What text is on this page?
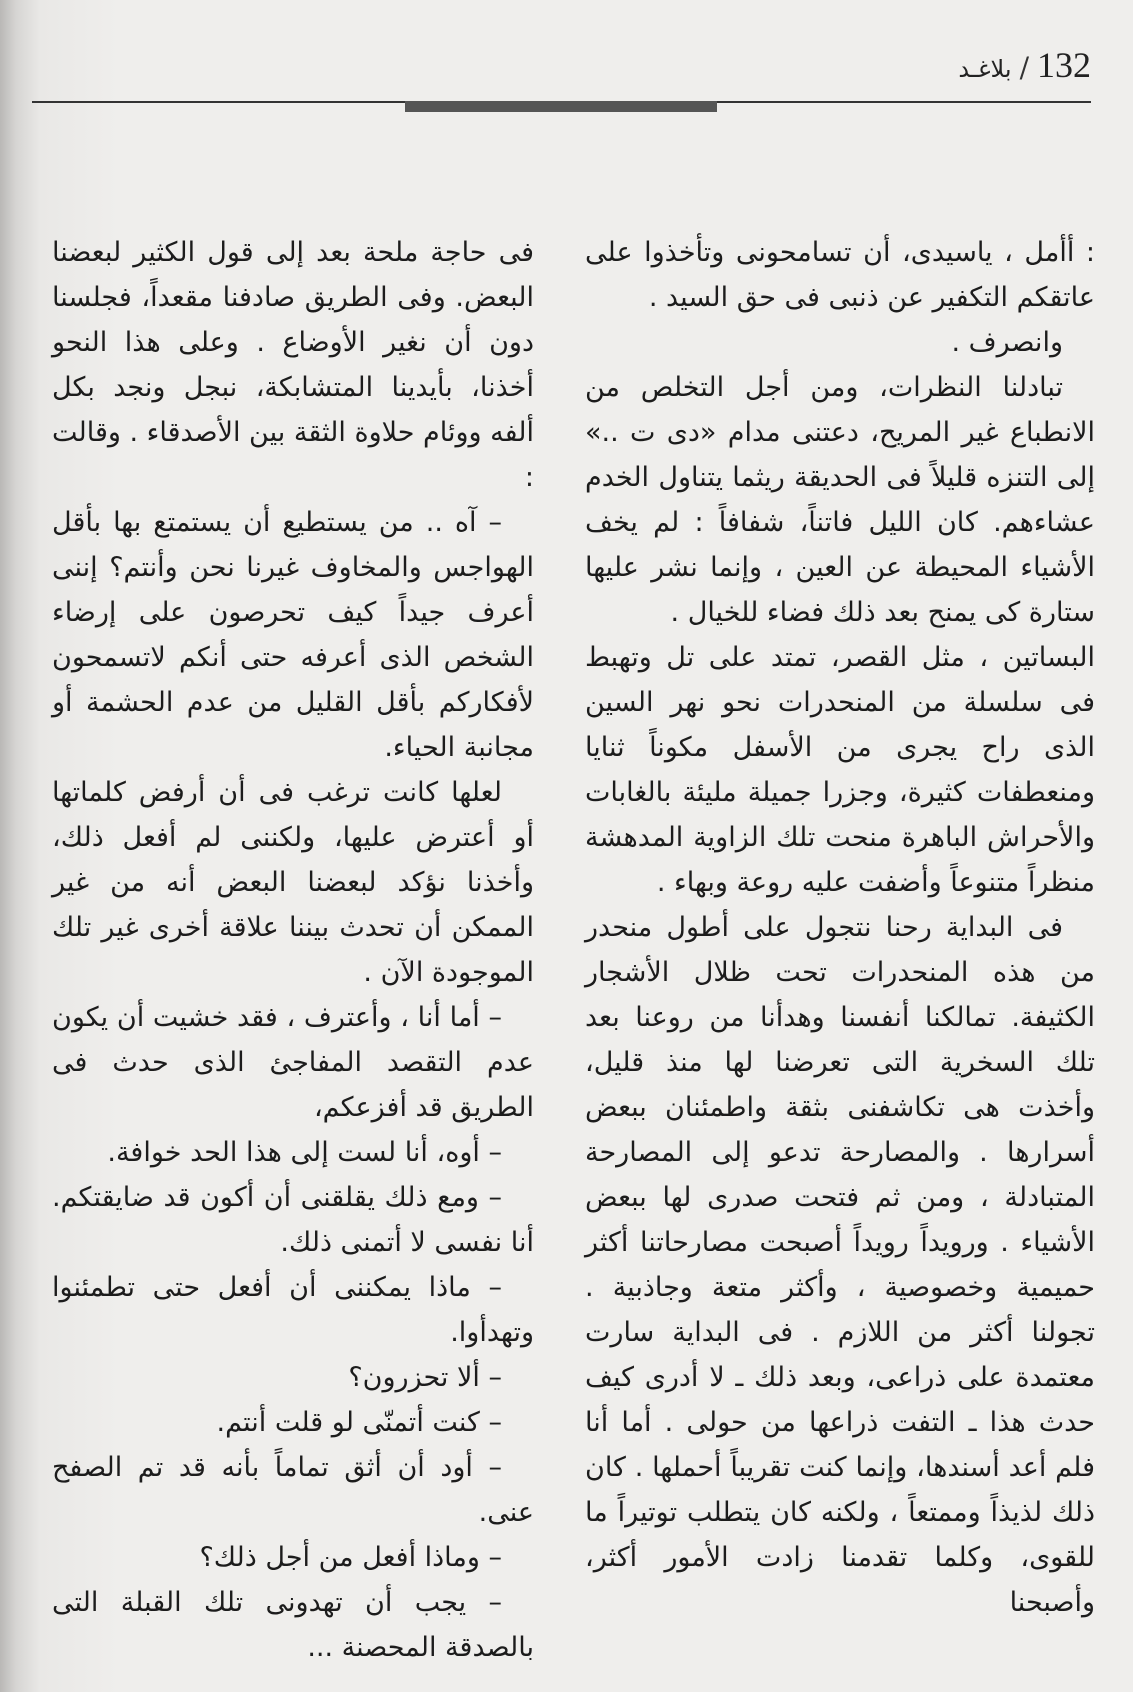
132
/
بلاغـد

: أأمل ، ياسيدى، أن تسامحونى وتأخذوا على عاتقكم التكفير عن ذنبى فى حق السيد .

وانصرف .

تبادلنا النظرات، ومن أجل التخلص من الانطباع غير المريح، دعتنى مدام «دى ت ..» إلى التنزه قليلاً فى الحديقة ريثما يتناول الخدم عشاءهم. كان الليل فاتناً، شفافاً : لم يخف الأشياء المحيطة عن العين ، وإنما نشر عليها ستارة كى يمنح بعد ذلك فضاء للخيال .

البساتين ، مثل القصر، تمتد على تل وتهبط فى سلسلة من المنحدرات نحو نهر السين الذى راح يجرى من الأسفل مكوناً ثنايا ومنعطفات كثيرة، وجزرا جميلة مليئة بالغابات والأحراش الباهرة منحت تلك الزاوية المدهشة منظراً متنوعاً وأضفت عليه روعة وبهاء .

فى البداية رحنا نتجول على أطول منحدر من هذه المنحدرات تحت ظلال الأشجار الكثيفة. تمالكنا أنفسنا وهدأنا من روعنا بعد تلك السخرية التى تعرضنا لها منذ قليل، وأخذت هى تكاشفنى بثقة واطمئنان ببعض أسرارها . والمصارحة تدعو إلى المصارحة المتبادلة ، ومن ثم فتحت صدرى لها ببعض الأشياء . ورويداً رويداً أصبحت مصارحاتنا أكثر حميمية وخصوصية ، وأكثر متعة وجاذبية . تجولنا أكثر من اللازم . فى البداية سارت معتمدة على ذراعى، وبعد ذلك ـ لا أدرى كيف حدث هذا ـ التفت ذراعها من حولى . أما أنا فلم أعد أسندها، وإنما كنت تقريباً أحملها . كان ذلك لذيذاً وممتعاً ، ولكنه كان يتطلب توتيراً ما للقوى، وكلما تقدمنا زادت الأمور أكثر، وأصبحنا

فى حاجة ملحة بعد إلى قول الكثير لبعضنا البعض. وفى الطريق صادفنا مقعداً، فجلسنا دون أن نغير الأوضاع . وعلى هذا النحو أخذنا، بأيدينا المتشابكة، نبجل ونجد بكل ألفه ووئام حلاوة الثقة بين الأصدقاء . وقالت :

– آه .. من يستطيع أن يستمتع بها بأقل الهواجس والمخاوف غيرنا نحن وأنتم؟ إننى أعرف جيداً كيف تحرصون على إرضاء الشخص الذى أعرفه حتى أنكم لاتسمحون لأفكاركم بأقل القليل من عدم الحشمة أو مجانبة الحياء.

لعلها كانت ترغب فى أن أرفض كلماتها أو أعترض عليها، ولكننى لم أفعل ذلك، وأخذنا نؤكد لبعضنا البعض أنه من غير الممكن أن تحدث بيننا علاقة أخرى غير تلك الموجودة الآن .

– أما أنا ، وأعترف ، فقد خشيت أن يكون عدم التقصد المفاجئ الذى حدث فى الطريق قد أفزعكم،

– أوه، أنا لست إلى هذا الحد خوافة.

– ومع ذلك يقلقنى أن أكون قد ضايقتكم. أنا نفسى لا أتمنى ذلك.

– ماذا يمكننى أن أفعل حتى تطمئنوا وتهدأوا.

– ألا تحزرون؟

– كنت أتمنّى لو قلت أنتم.

– أود أن أثق تماماً بأنه قد تم الصفح عنى.

– وماذا أفعل من أجل ذلك؟

– يجب أن تهدونى تلك القبلة التى بالصدقة المحصنة ...
